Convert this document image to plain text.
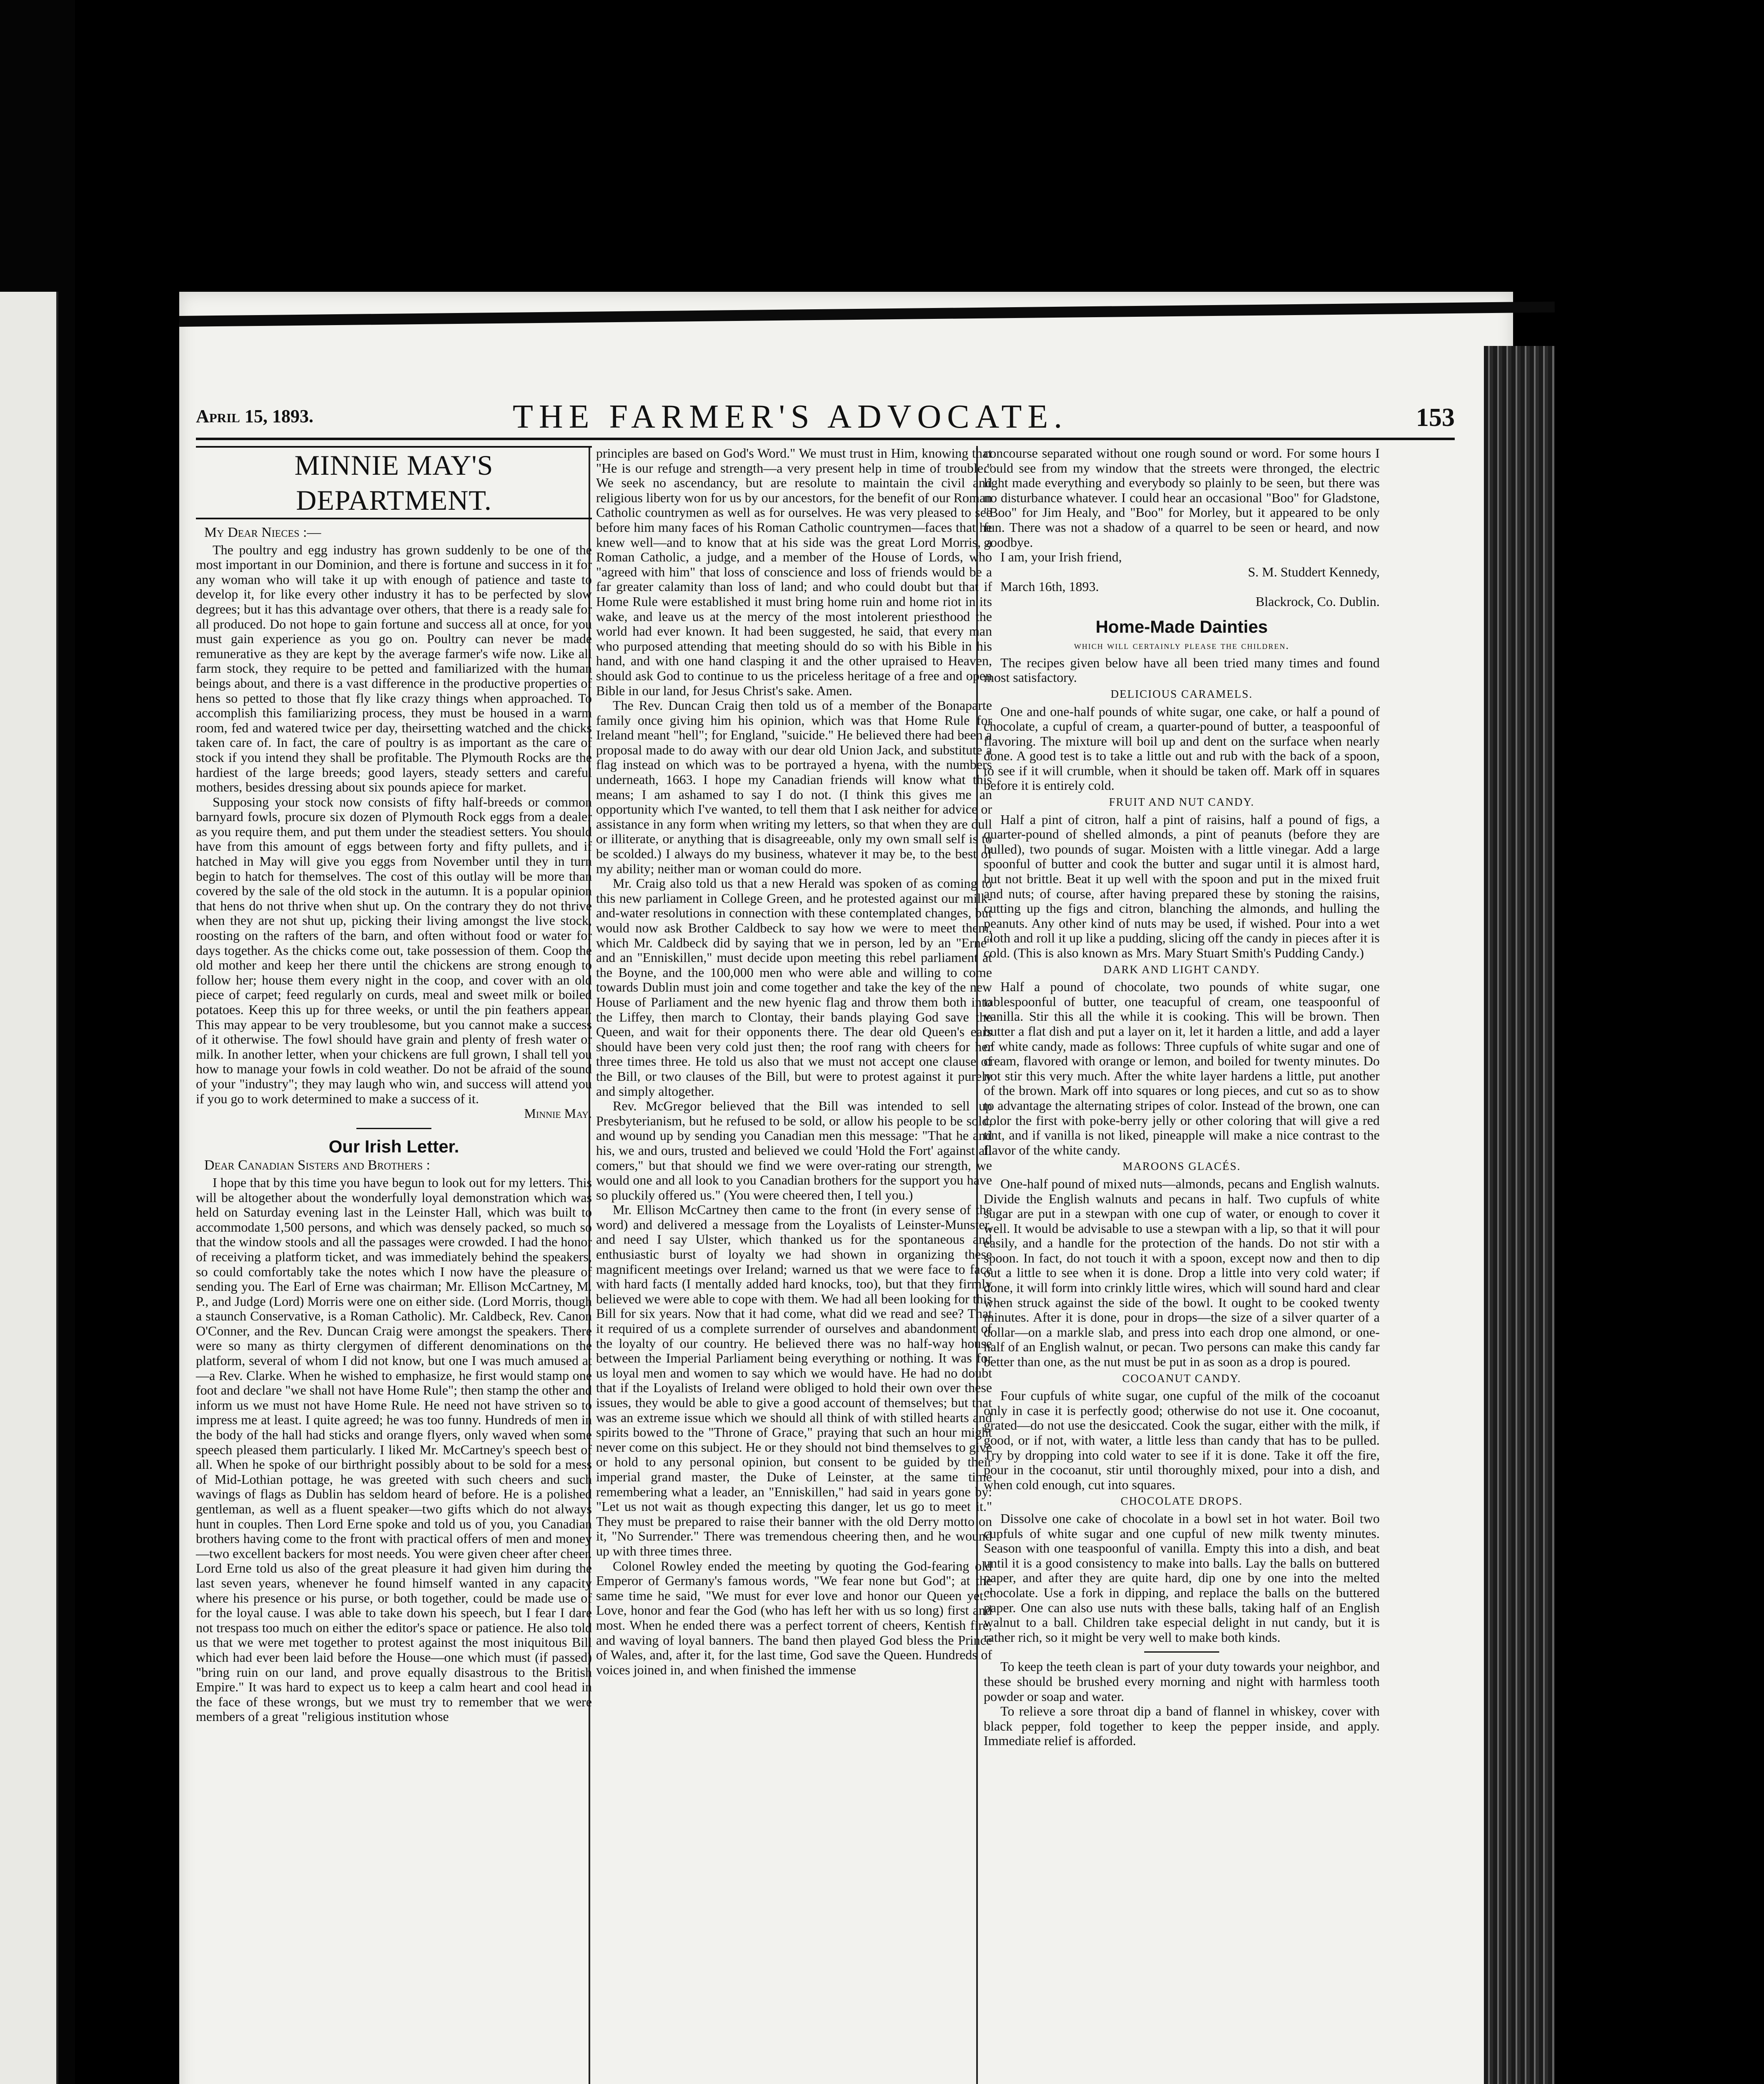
April 15, 1893.	THE FARMER'S ADVOCATE.	153
MINNIE MAY'S DEPARTMENT.
My Dear Nieces :—

The poultry and egg industry has grown suddenly to be one of the most important in our Dominion, and there is fortune and success in it for any woman who will take it up with enough of patience and taste to develop it, for like every other industry it has to be perfected by slow degrees; but it has this advantage over others, that there is a ready sale for all produced. Do not hope to gain fortune and success all at once, for you must gain experience as you go on. Poultry can never be made remunerative as they are kept by the average farmer's wife now. Like all farm stock, they require to be petted and familiarized with the human beings about, and there is a vast difference in the productive properties of hens so petted to those that fly like crazy things when approached. To accomplish this familiarizing process, they must be housed in a warm room, fed and watered twice per day, theirsetting watched and the chicks taken care of. In fact, the care of poultry is as important as the care of stock if you intend they shall be profitable. The Plymouth Rocks are the hardiest of the large breeds; good layers, steady setters and careful mothers, besides dressing about six pounds apiece for market.

Supposing your stock now consists of fifty half-breeds or common barnyard fowls, procure six dozen of Plymouth Rock eggs from a dealer as you require them, and put them under the steadiest setters. You should have from this amount of eggs between forty and fifty pullets, and if hatched in May will give you eggs from November until they in turn begin to hatch for themselves. The cost of this outlay will be more than covered by the sale of the old stock in the autumn. It is a popular opinion that hens do not thrive when shut up. On the contrary they do not thrive when they are not shut up, picking their living amongst the live stock, roosting on the rafters of the barn, and often without food or water for days together. As the chicks come out, take possession of them. Coop the old mother and keep her there until the chickens are strong enough to follow her; house them every night in the coop, and cover with an old piece of carpet; feed regularly on curds, meal and sweet milk or boiled potatoes. Keep this up for three weeks, or until the pin feathers appear. This may appear to be very troublesome, but you cannot make a success of it otherwise. The fowl should have grain and plenty of fresh water or milk. In another letter, when your chickens are full grown, I shall tell you how to manage your fowls in cold weather. Do not be afraid of the sound of your "industry"; they may laugh who win, and success will attend you if you go to work determined to make a success of it.

Minnie May.
Our Irish Letter.
Dear Canadian Sisters and Brothers :

I hope that by this time you have begun to look out for my letters. This will be altogether about the wonderfully loyal demonstration which was held on Saturday evening last in the Leinster Hall, which was built to accommodate 1,500 persons, and which was densely packed, so much so that the window stools and all the passages were crowded. I had the honor of receiving a platform ticket, and was immediately behind the speakers, so could comfortably take the notes which I now have the pleasure of sending you. The Earl of Erne was chairman; Mr. Ellison McCartney, M. P., and Judge (Lord) Morris were one on either side. (Lord Morris, though a staunch Conservative, is a Roman Catholic). Mr. Caldbeck, Rev. Canon O'Conner, and the Rev. Duncan Craig were amongst the speakers. There were so many as thirty clergymen of different denominations on the platform, several of whom I did not know, but one I was much amused at—a Rev. Clarke. When he wished to emphasize, he first would stamp one foot and declare "we shall not have Home Rule"; then stamp the other and inform us we must not have Home Rule. He need not have striven so to impress me at least. I quite agreed; he was too funny. Hundreds of men in the body of the hall had sticks and orange flyers, only waved when some speech pleased them particularly. I liked Mr. McCartney's speech best of all. When he spoke of our birthright possibly about to be sold for a mess of Mid-Lothian pottage, he was greeted with such cheers and such wavings of flags as Dublin has seldom heard of before. He is a polished gentleman, as well as a fluent speaker—two gifts which do not always hunt in couples. Then Lord Erne spoke and told us of you, you Canadian brothers having come to the front with practical offers of men and money—two excellent backers for most needs. You were given cheer after cheer. Lord Erne told us also of the great pleasure it had given him during the last seven years, whenever he found himself wanted in any capacity where his presence or his purse, or both together, could be made use of for the loyal cause. I was able to take down his speech, but I fear I dare not trespass too much on either the editor's space or patience. He also told us that we were met together to protest against the most iniquitous Bill which had ever been laid before the House—one which must (if passed) "bring ruin on our land, and prove equally disastrous to the British Empire." It was hard to expect us to keep a calm heart and cool head in the face of these wrongs, but we must try to remember that we were members of a great "religious institution whose

principles are based on God's Word." We must trust in Him, knowing that "He is our refuge and strength—a very present help in time of trouble." We seek no ascendancy, but are resolute to maintain the civil and religious liberty won for us by our ancestors, for the benefit of our Roman Catholic countrymen as well as for ourselves. He was very pleased to see before him many faces of his Roman Catholic countrymen—faces that he knew well—and to know that at his side was the great Lord Morris, a Roman Catholic, a judge, and a member of the House of Lords, who "agreed with him" that loss of conscience and loss of friends would be a far greater calamity than loss of land; and who could doubt but that if Home Rule were established it must bring home ruin and home riot in its wake, and leave us at the mercy of the most intolerent priesthood the world had ever known. It had been suggested, he said, that every man who purposed attending that meeting should do so with his Bible in his hand, and with one hand clasping it and the other upraised to Heaven, should ask God to continue to us the priceless heritage of a free and open Bible in our land, for Jesus Christ's sake. Amen.

The Rev. Duncan Craig then told us of a member of the Bonaparte family once giving him his opinion, which was that Home Rule for Ireland meant "hell"; for England, "suicide." He believed there had been a proposal made to do away with our dear old Union Jack, and substitute a flag instead on which was to be portrayed a hyena, with the numbers underneath, 1663. I hope my Canadian friends will know what this means; I am ashamed to say I do not. (I think this gives me an opportunity which I've wanted, to tell them that I ask neither for advice or assistance in any form when writing my letters, so that when they are dull or illiterate, or anything that is disagreeable, only my own small self is to be scolded.) I always do my business, whatever it may be, to the best of my ability; neither man or woman could do more.

Mr. Craig also told us that a new Herald was spoken of as coming to this new parliament in College Green, and he protested against our milk-and-water resolutions in connection with these contemplated changes, but would now ask Brother Caldbeck to say how we were to meet them, which Mr. Caldbeck did by saying that we in person, led by an "Erne" and an "Enniskillen," must decide upon meeting this rebel parliament at the Boyne, and the 100,000 men who were able and willing to come towards Dublin must join and come together and take the key of the new House of Parliament and the new hyenic flag and throw them both into the Liffey, then march to Clontay, their bands playing God save the Queen, and wait for their opponents there. The dear old Queen's ears should have been very cold just then; the roof rang with cheers for her three times three. He told us also that we must not accept one clause of the Bill, or two clauses of the Bill, but were to protest against it purely and simply altogether.

Rev. McGregor believed that the Bill was intended to sell up Presbyterianism, but he refused to be sold, or allow his people to be sold, and wound up by sending you Canadian men this message: "That he and his, we and ours, trusted and believed we could 'Hold the Fort' against all comers," but that should we find we were over-rating our strength, we would one and all look to you Canadian brothers for the support you have so pluckily offered us." (You were cheered then, I tell you.)

Mr. Ellison McCartney then came to the front (in every sense of the word) and delivered a message from the Loyalists of Leinster-Munster, and need I say Ulster, which thanked us for the spontaneous and enthusiastic burst of loyalty we had shown in organizing these magnificent meetings over Ireland; warned us that we were face to face with hard facts (I mentally added hard knocks, too), but that they firmly believed we were able to cope with them. We had all been looking for this Bill for six years. Now that it had come, what did we read and see? That it required of us a complete surrender of ourselves and abandonment of the loyalty of our country. He believed there was no half-way house between the Imperial Parliament being everything or nothing. It was for us loyal men and women to say which we would have. He had no doubt that if the Loyalists of Ireland were obliged to hold their own over these issues, they would be able to give a good account of themselves; but that was an extreme issue which we should all think of with stilled hearts and spirits bowed to the "Throne of Grace," praying that such an hour might never come on this subject. He or they should not bind themselves to give or hold to any personal opinion, but consent to be guided by their imperial grand master, the Duke of Leinster, at the same time remembering what a leader, an "Enniskillen," had said in years gone by: "Let us not wait as though expecting this danger, let us go to meet it." They must be prepared to raise their banner with the old Derry motto on it, "No Surrender." There was tremendous cheering then, and he wound up with three times three.

Colonel Rowley ended the meeting by quoting the God-fearing old Emperor of Germany's famous words, "We fear none but God"; at the same time he said, "We must for ever love and honor our Queen yet." Love, honor and fear the God (who has left her with us so long) first and most. When he ended there was a perfect torrent of cheers, Kentish fire, and waving of loyal banners. The band then played God bless the Prince of Wales, and, after it, for the last time, God save the Queen. Hundreds of voices joined in, and when finished the immense

concourse separated without one rough sound or word. For some hours I could see from my window that the streets were thronged, the electric light made everything and everybody so plainly to be seen, but there was no disturbance whatever. I could hear an occasional "Boo" for Gladstone, "Boo" for Jim Healy, and "Boo" for Morley, but it appeared to be only fun. There was not a shadow of a quarrel to be seen or heard, and now goodbye.

I am, your Irish friend,

S. M. Studdert Kennedy,

March 16th, 1893.

Blackrock, Co. Dublin.
Home-Made Dainties
which will certainly please the children.

The recipes given below have all been tried many times and found most satisfactory.

DELICIOUS CARAMELS.

One and one-half pounds of white sugar, one cake, or half a pound of chocolate, a cupful of cream, a quarter-pound of butter, a teaspoonful of flavoring. The mixture will boil up and dent on the surface when nearly done. A good test is to take a little out and rub with the back of a spoon, to see if it will crumble, when it should be taken off. Mark off in squares before it is entirely cold.

FRUIT AND NUT CANDY.

Half a pint of citron, half a pint of raisins, half a pound of figs, a quarter-pound of shelled almonds, a pint of peanuts (before they are hulled), two pounds of sugar. Moisten with a little vinegar. Add a large spoonful of butter and cook the butter and sugar until it is almost hard, but not brittle. Beat it up well with the spoon and put in the mixed fruit and nuts; of course, after having prepared these by stoning the raisins, cutting up the figs and citron, blanching the almonds, and hulling the peanuts. Any other kind of nuts may be used, if wished. Pour into a wet cloth and roll it up like a pudding, slicing off the candy in pieces after it is cold. (This is also known as Mrs. Mary Stuart Smith's Pudding Candy.)

DARK AND LIGHT CANDY.

Half a pound of chocolate, two pounds of white sugar, one tablespoonful of butter, one teacupful of cream, one teaspoonful of vanilla. Stir this all the while it is cooking. This will be brown. Then butter a flat dish and put a layer on it, let it harden a little, and add a layer of white candy, made as follows: Three cupfuls of white sugar and one of cream, flavored with orange or lemon, and boiled for twenty minutes. Do not stir this very much. After the white layer hardens a little, put another of the brown. Mark off into squares or long pieces, and cut so as to show to advantage the alternating stripes of color. Instead of the brown, one can color the first with poke-berry jelly or other coloring that will give a red tint, and if vanilla is not liked, pineapple will make a nice contrast to the flavor of the white candy.

MAROONS GLACÉS.

One-half pound of mixed nuts—almonds, pecans and English walnuts. Divide the English walnuts and pecans in half. Two cupfuls of white sugar are put in a stewpan with one cup of water, or enough to cover it well. It would be advisable to use a stewpan with a lip, so that it will pour easily, and a handle for the protection of the hands. Do not stir with a spoon. In fact, do not touch it with a spoon, except now and then to dip out a little to see when it is done. Drop a little into very cold water; if done, it will form into crinkly little wires, which will sound hard and clear when struck against the side of the bowl. It ought to be cooked twenty minutes. After it is done, pour in drops—the size of a silver quarter of a dollar—on a markle slab, and press into each drop one almond, or one-half of an English walnut, or pecan. Two persons can make this candy far better than one, as the nut must be put in as soon as a drop is poured.

COCOANUT CANDY.

Four cupfuls of white sugar, one cupful of the milk of the cocoanut only in case it is perfectly good; otherwise do not use it. One cocoanut, grated—do not use the desiccated. Cook the sugar, either with the milk, if good, or if not, with water, a little less than candy that has to be pulled. Try by dropping into cold water to see if it is done. Take it off the fire, pour in the cocoanut, stir until thoroughly mixed, pour into a dish, and when cold enough, cut into squares.

CHOCOLATE DROPS.

Dissolve one cake of chocolate in a bowl set in hot water. Boil two cupfuls of white sugar and one cupful of new milk twenty minutes. Season with one teaspoonful of vanilla. Empty this into a dish, and beat until it is a good consistency to make into balls. Lay the balls on buttered paper, and after they are quite hard, dip one by one into the melted chocolate. Use a fork in dipping, and replace the balls on the buttered paper. One can also use nuts with these balls, taking half of an English walnut to a ball. Children take especial delight in nut candy, but it is rather rich, so it might be very well to make both kinds.

To keep the teeth clean is part of your duty towards your neighbor, and these should be brushed every morning and night with harmless tooth powder or soap and water.

To relieve a sore throat dip a band of flannel in whiskey, cover with black pepper, fold together to keep the pepper inside, and apply. Immediate relief is afforded.
